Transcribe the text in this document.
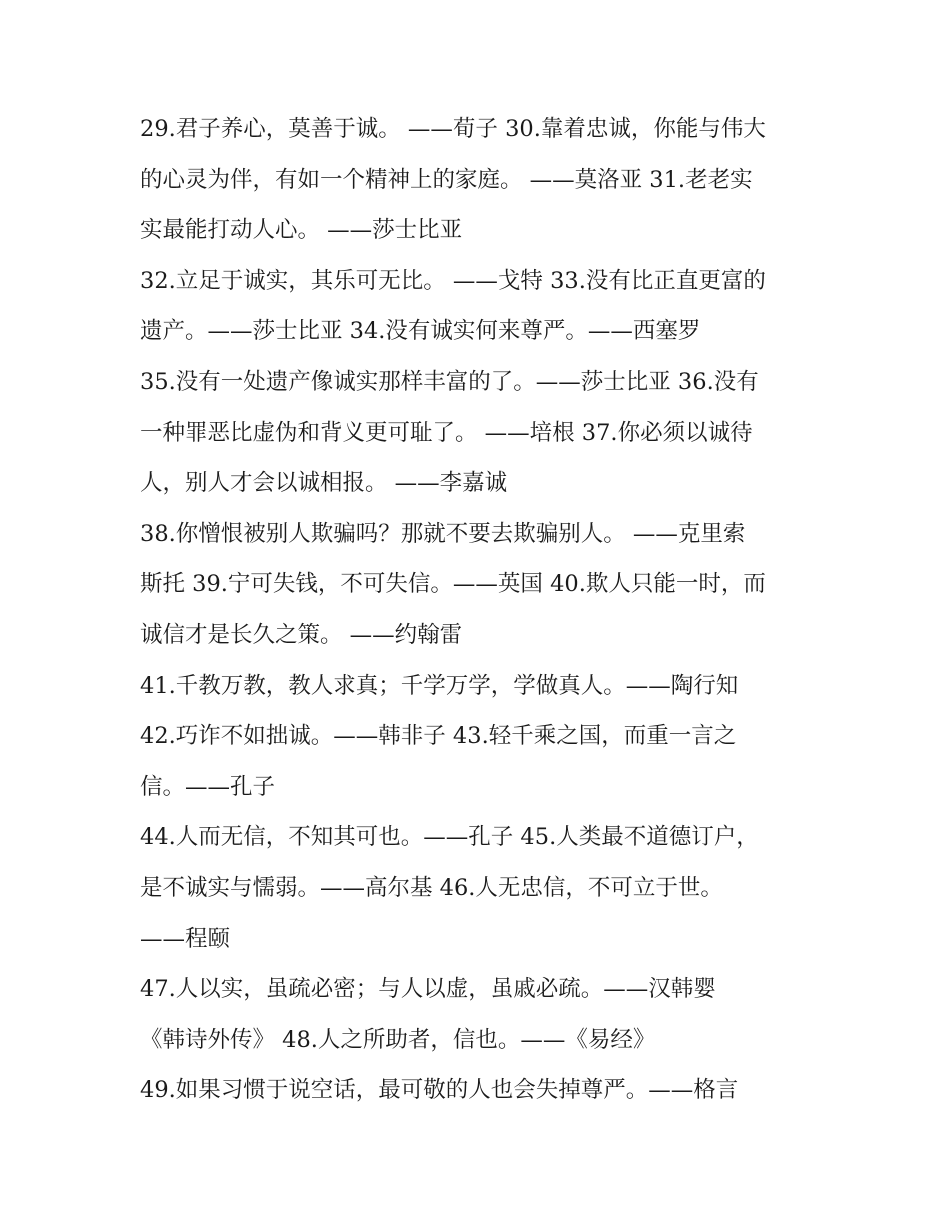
29.君子养心，莫善于诚。 ——荀子 30.靠着忠诚，你能与伟大
的心灵为伴，有如一个精神上的家庭。 ——莫洛亚 31.老老实
实最能打动人心。 ——莎士比亚
32.立足于诚实，其乐可无比。 ——戈特 33.没有比正直更富的
遗产。——莎士比亚 34.没有诚实何来尊严。——西塞罗
35.没有一处遗产像诚实那样丰富的了。——莎士比亚 36.没有
一种罪恶比虚伪和背义更可耻了。 ——培根 37.你必须以诚待
人，别人才会以诚相报。 ——李嘉诚
38.你憎恨被别人欺骗吗？那就不要去欺骗别人。 ——克里索
斯托 39.宁可失钱，不可失信。——英国 40.欺人只能一时，而
诚信才是长久之策。 ——约翰雷
41.千教万教，教人求真；千学万学，学做真人。——陶行知
42.巧诈不如拙诚。——韩非子 43.轻千乘之国，而重一言之
信。——孔子
44.人而无信，不知其可也。——孔子 45.人类最不道德订户，
是不诚实与懦弱。——高尔基 46.人无忠信，不可立于世。
——程颐
47.人以实，虽疏必密；与人以虚，虽戚必疏。——汉韩婴
《韩诗外传》 48.人之所助者，信也。——《易经》
49.如果习惯于说空话，最可敬的人也会失掉尊严。——格言
